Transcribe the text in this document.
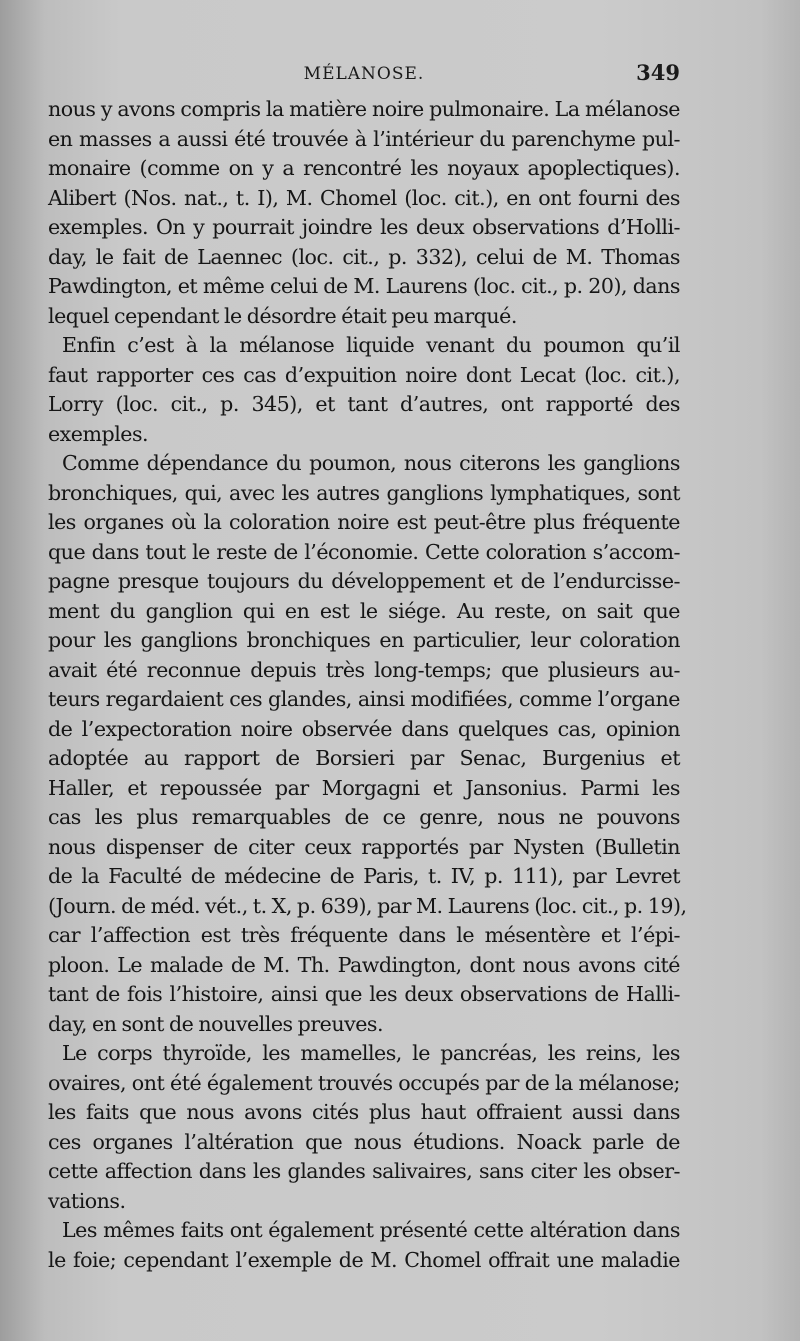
MÉLANOSE.	349
nous y avons compris la matière noire pulmonaire. La mélanose
en masses a aussi été trouvée à l’intérieur du parenchyme pul-
monaire (comme on y a rencontré les noyaux apoplectiques).
Alibert (Nos. nat., t. I), M. Chomel (loc. cit.), en ont fourni des
exemples. On y pourrait joindre les deux observations d’Holli-
day, le fait de Laennec (loc. cit., p. 332), celui de M. Thomas
Pawdington, et même celui de M. Laurens (loc. cit., p. 20), dans
lequel cependant le désordre était peu marqué.
Enfin c’est à la mélanose liquide venant du poumon qu’il
faut rapporter ces cas d’expuition noire dont Lecat (loc. cit.),
Lorry (loc. cit., p. 345), et tant d’autres, ont rapporté des
exemples.
Comme dépendance du poumon, nous citerons les ganglions
bronchiques, qui, avec les autres ganglions lymphatiques, sont
les organes où la coloration noire est peut-être plus fréquente
que dans tout le reste de l’économie. Cette coloration s’accom-
pagne presque toujours du développement et de l’endurcisse-
ment du ganglion qui en est le siége. Au reste, on sait que
pour les ganglions bronchiques en particulier, leur coloration
avait été reconnue depuis très long-temps; que plusieurs au-
teurs regardaient ces glandes, ainsi modifiées, comme l’organe
de l’expectoration noire observée dans quelques cas, opinion
adoptée au rapport de Borsieri par Senac, Burgenius et
Haller, et repoussée par Morgagni et Jansonius. Parmi les
cas les plus remarquables de ce genre, nous ne pouvons
nous dispenser de citer ceux rapportés par Nysten (Bulletin
de la Faculté de médecine de Paris, t. IV, p. 111), par Levret
(Journ. de méd. vét., t. X, p. 639), par M. Laurens (loc. cit., p. 19),
car l’affection est très fréquente dans le mésentère et l’épi-
ploon. Le malade de M. Th. Pawdington, dont nous avons cité
tant de fois l’histoire, ainsi que les deux observations de Halli-
day, en sont de nouvelles preuves.
Le corps thyroïde, les mamelles, le pancréas, les reins, les
ovaires, ont été également trouvés occupés par de la mélanose;
les faits que nous avons cités plus haut offraient aussi dans
ces organes l’altération que nous étudions. Noack parle de
cette affection dans les glandes salivaires, sans citer les obser-
vations.
Les mêmes faits ont également présenté cette altération dans
le foie; cependant l’exemple de M. Chomel offrait une maladie
